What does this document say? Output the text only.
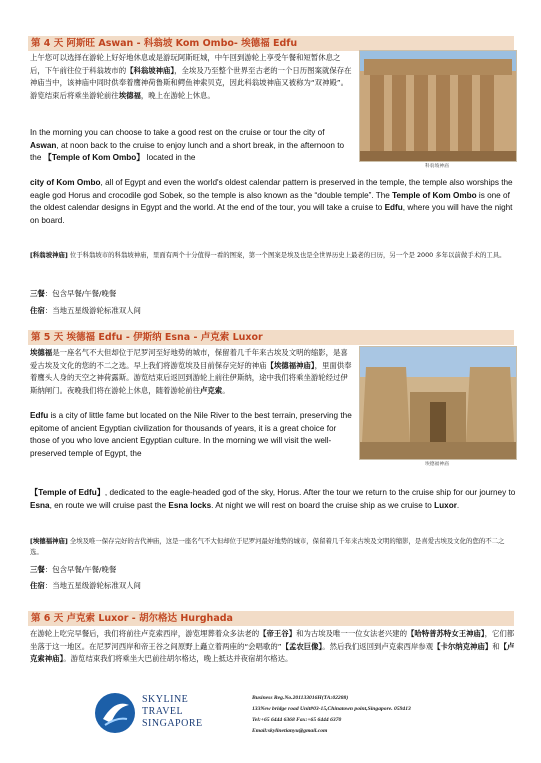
第 4 天 阿斯旺 Aswan - 科翁坡 Kom Ombo- 埃德福 Edfu
上午您可以选择在游轮上好好地休息或是游玩阿斯旺城，中午回到游轮上享受午餐和短暂休息之后，下午前往位于科翁坡市的【科翁坡神庙】，全埃及乃至整个世界至古老的一个日历图案就保存在神庙当中，该神庙中同时供奉着鹰神荷鲁斯和鳄鱼神索贝克，因此科翁坡神庙又被称为“双神殿”。游览结束后将乘坐游轮前往埃德福，晚上在游轮上休息。
科翁坡神庙
In the morning you can choose to take a good rest on the cruise or tour the city of Aswan, at noon back to the cruise to enjoy lunch and a short break, in the afternoon to the 【Temple of Kom Ombo】 located in the
city of Kom Ombo, all of Egypt and even the world's oldest calendar pattern is preserved in the temple, the temple also worships the eagle god Horus and crocodile god Sobek, so the temple is also known as the “double temple”. The Temple of Kom Ombo is one of the oldest calendar designs in Egypt and the world. At the end of the tour, you will take a cruise to Edfu, where you will have the night on board.
[科翁坡神庙] 位于科翁坡市的科翁坡神庙，里面有两个十分值得一看的图案，第一个图案是埃及也是全世界历史上最老的日历，另一个是 2000 多年以前做手术的工具。
三餐：包含早餐/午餐/晚餐
住宿：当地五星级游轮标准双人间
第 5 天 埃德福 Edfu - 伊斯纳 Esna - 卢克索 Luxor
埃德福是一座名气不大但却位于尼罗河至好地势的城市，保留着几千年来古埃及文明的缩影，是喜爱古埃及文化的您的不二之选。早上我们将游览埃及目前保存完好的神庙【埃德福神庙】，里面供奉着鹰头人身的天空之神荷露斯。游览结束后返回到游轮上前往伊斯纳，途中我们将乘坐游轮经过伊斯纳闸门。夜晚我们将在游轮上休息，随着游轮前往卢克索。
埃德福神庙
Edfu is a city of little fame but located on the Nile River to the best terrain, preserving the epitome of ancient Egyptian civilization for thousands of years, it is a great choice for those of you who love ancient Egyptian culture. In the morning we will visit the well-preserved temple of Egypt, the
【Temple of Edfu】, dedicated to the eagle-headed god of the sky, Horus. After the tour we return to the cruise ship for our journey to Esna, en route we will cruise past the Esna locks. At night we will rest on board the cruise ship as we cruise to Luxor.
[埃德福神庙] 全埃及唯一保存完好的古代神庙，这是一座名气不大但却位于尼罗河最好地势的城市，保留着几千年来古埃及文明的缩影，是喜爱古埃及文化的您的不二之选。
三餐：包含早餐/午餐/晚餐
住宿：当地五星级游轮标准双人间
第 6 天 卢克索 Luxor - 胡尔格达 Hurghada
在游轮上吃完早餐后，我们将前往卢克索西岸，游览埋葬着众多法老的【帝王谷】和为古埃及唯一一位女法老兴建的【哈特普苏特女王神庙】，它们都坐落于这一地区。在尼罗河西岸和帝王谷之间原野上矗立着两座的“会唱歌的”【孟农巨像】。然后我们返回到卢克索西岸参观【卡尔纳克神庙】和【卢克索神庙】。游览结束我们将乘坐大巴前往胡尔格达，晚上抵达并夜宿胡尔格达。
SKYLINE
TRAVEL
SINGAPORE
Business Reg.No.201133016H(TA:02288)
133New bridge road Unit#03-15,Chinatown point,Singapore. 059413
Tel:+65 6444 6368 Fax:+65 6444 6370
Email:skylinetianyu@gmail.com
